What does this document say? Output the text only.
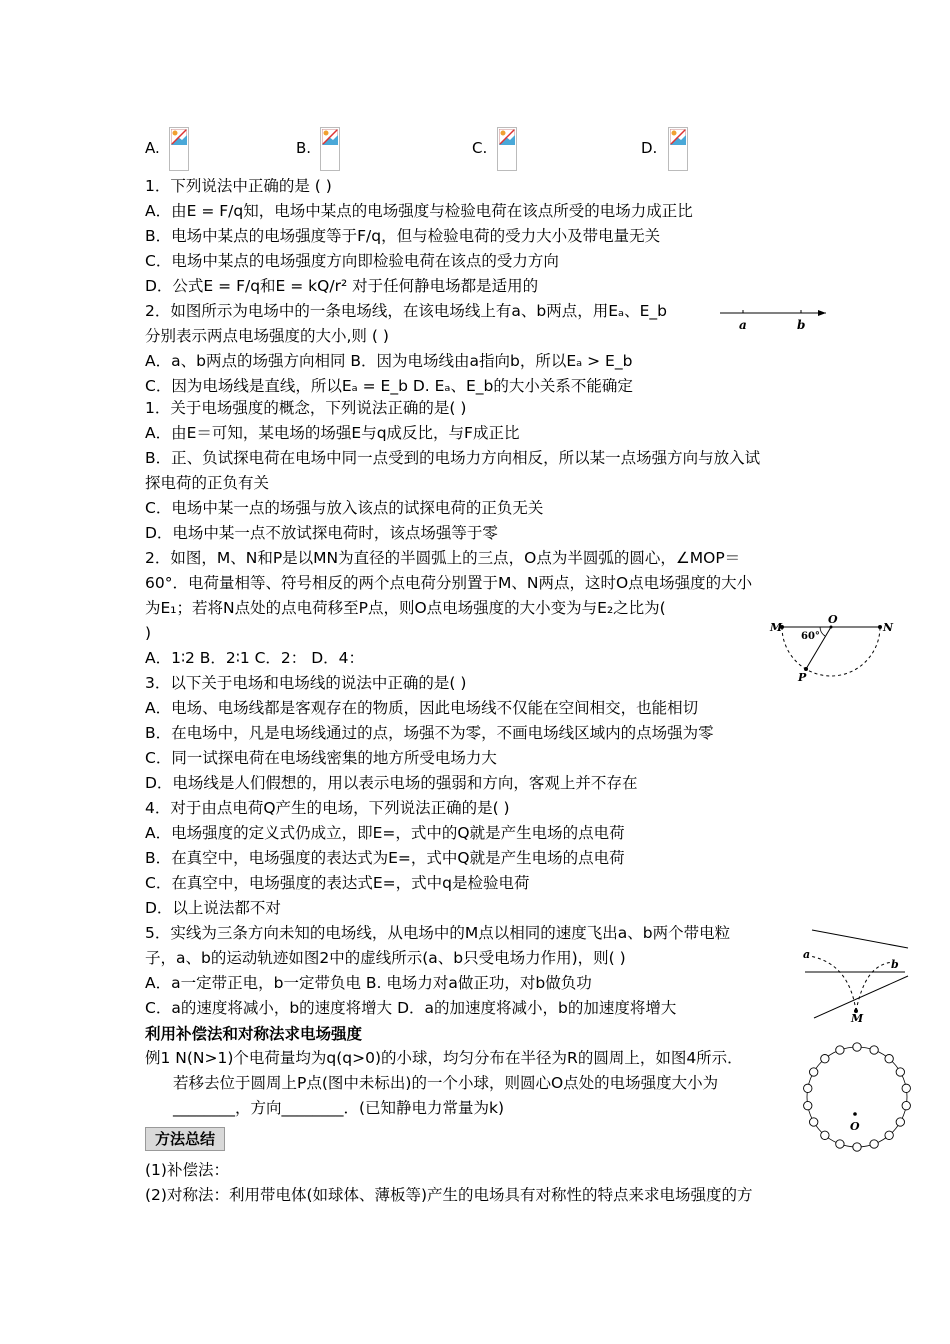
A.	B.	C.	D.
1．下列说法中正确的是 ( )
A．由E = F/q知，电场中某点的电场强度与检验电荷在该点所受的电场力成正比
B．电场中某点的电场强度等于F/q，但与检验电荷的受力大小及带电量无关
C．电场中某点的电场强度方向即检验电荷在该点的受力方向
D．公式E = F/q和E = kQ/r² 对于任何静电场都是适用的
2．如图所示为电场中的一条电场线，在该电场线上有a、b两点，用Eₐ、E_b
分别表示两点电场强度的大小,则 ( )
A．a、b两点的场强方向相同 B．因为电场线由a指向b，所以Eₐ > E_b
C．因为电场线是直线，所以Eₐ = E_b D. Eₐ、E_b的大小关系不能确定
1．关于电场强度的概念，下列说法正确的是( )
A．由E＝可知，某电场的场强E与q成反比，与F成正比
B．正、负试探电荷在电场中同一点受到的电场力方向相反，所以某一点场强方向与放入试
探电荷的正负有关
C．电场中某一点的场强与放入该点的试探电荷的正负无关
D．电场中某一点不放试探电荷时，该点场强等于零
2．如图，M、N和P是以MN为直径的半圆弧上的三点，O点为半圆弧的圆心，∠MOP＝
60°．电荷量相等、符号相反的两个点电荷分别置于M、N两点，这时O点电场强度的大小
为E₁；若将N点处的点电荷移至P点，则O点电场强度的大小变为与E₂之比为(
)
A．1∶2 B．2∶1 C．2： D．4：
3．以下关于电场和电场线的说法中正确的是( )
A．电场、电场线都是客观存在的物质，因此电场线不仅能在空间相交，也能相切
B．在电场中，凡是电场线通过的点，场强不为零，不画电场线区域内的点场强为零
C．同一试探电荷在电场线密集的地方所受电场力大
D．电场线是人们假想的，用以表示电场的强弱和方向，客观上并不存在
4．对于由点电荷Q产生的电场，下列说法正确的是( )
A．电场强度的定义式仍成立，即E=，式中的Q就是产生电场的点电荷
B．在真空中，电场强度的表达式为E=，式中Q就是产生电场的点电荷
C．在真空中，电场强度的表达式E=，式中q是检验电荷
D．以上说法都不对
5．实线为三条方向未知的电场线，从电场中的M点以相同的速度飞出a、b两个带电粒
子，a、b的运动轨迹如图2中的虚线所示(a、b只受电场力作用)，则( )
A．a一定带正电，b一定带负电 B. 电场力对a做正功，对b做负功
C．a的速度将减小，b的速度将增大 D．a的加速度将减小，b的加速度将增大
利用补偿法和对称法求电场强度
例1 N(N>1)个电荷量均为q(q>0)的小球，均匀分布在半径为R的圆周上，如图4所示．
若移去位于圆周上P点(图中未标出)的一个小球，则圆心O点处的电场强度大小为
________，方向________．(已知静电力常量为k)
方法总结
(1)补偿法：
(2)对称法：利用带电体(如球体、薄板等)产生的电场具有对称性的特点来求电场强度的方
a	b
M
O
N
P
60°
a
b
M
O
